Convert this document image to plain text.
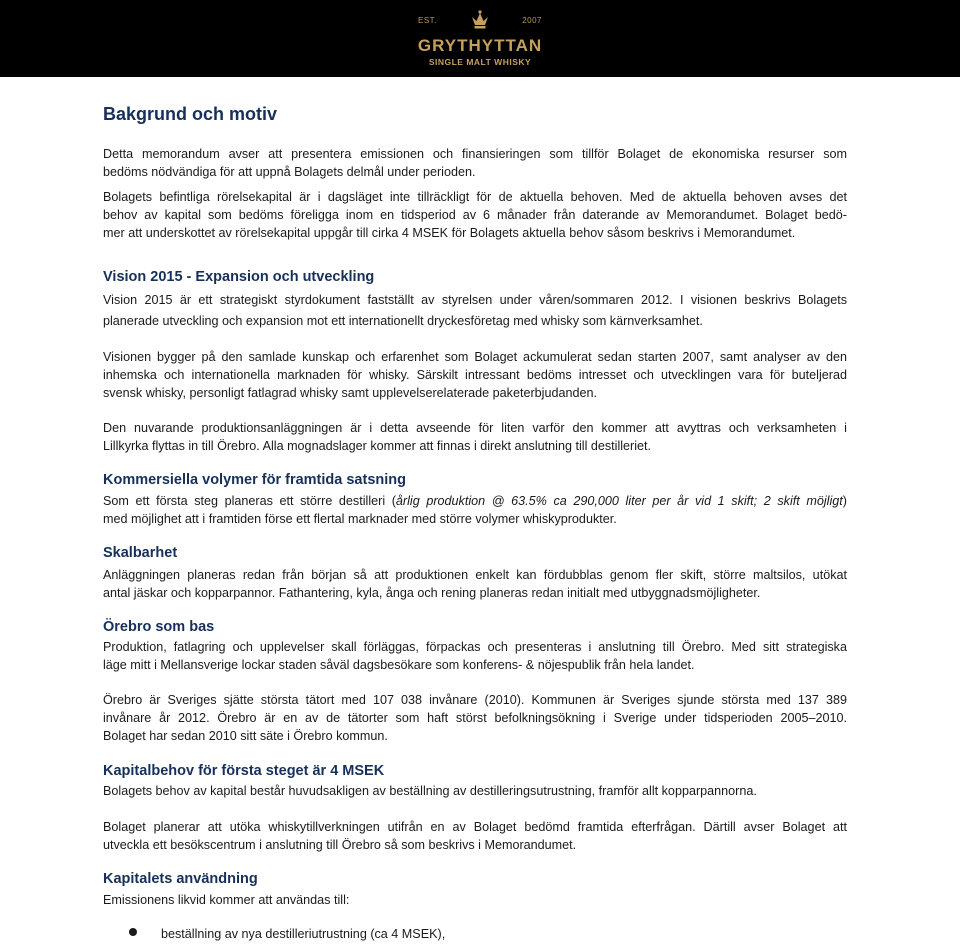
EST.	2007
GRYTHYTTAN
SINGLE MALT WHISKY
Bakgrund och motiv
Detta memorandum avser att presentera emissionen och finansieringen som tillför Bolaget de ekonomiska resurser som
bedöms nödvändiga för att uppnå Bolagets delmål under perioden.
Bolagets befintliga rörelsekapital är i dagsläget inte tillräckligt för de aktuella behoven. Med de aktuella behoven avses det
behov av kapital som bedöms föreligga inom en tidsperiod av 6 månader från daterande av Memorandumet. Bolaget bedö-
mer att underskottet av rörelsekapital uppgår till cirka 4 MSEK för Bolagets aktuella behov såsom beskrivs i Memorandumet.
Vision 2015 - Expansion och utveckling
Vision 2015 är ett strategiskt styrdokument fastställt av styrelsen under våren/sommaren 2012. I visionen beskrivs Bolagets
planerade utveckling och expansion mot ett internationellt dryckesföretag med whisky som kärnverksamhet.
Visionen bygger på den samlade kunskap och erfarenhet som Bolaget ackumulerat sedan starten 2007, samt analyser av den
inhemska och internationella marknaden för whisky. Särskilt intressant bedöms intresset och utvecklingen vara för buteljerad
svensk whisky, personligt fatlagrad whisky samt upplevelserelaterade paketerbjudanden.
Den nuvarande produktionsanläggningen är i detta avseende för liten varför den kommer att avyttras och verksamheten i
Lillkyrka flyttas in till Örebro. Alla mognadslager kommer att finnas i direkt anslutning till destilleriet.
Kommersiella volymer för framtida satsning
Som ett första steg planeras ett större destilleri (årlig produktion @ 63.5% ca 290,000 liter per år vid 1 skift; 2 skift möjligt)
med möjlighet att i framtiden förse ett flertal marknader med större volymer whiskyprodukter.
Skalbarhet
Anläggningen planeras redan från början så att produktionen enkelt kan fördubblas genom fler skift, större maltsilos, utökat
antal jäskar och kopparpannor. Fathantering, kyla, ånga och rening planeras redan initialt med utbyggnadsmöjligheter.
Örebro som bas
Produktion, fatlagring och upplevelser skall förläggas, förpackas och presenteras i anslutning till Örebro. Med sitt strategiska
läge mitt i Mellansverige lockar staden såväl dagsbesökare som konferens- & nöjespublik från hela landet.
Örebro är Sveriges sjätte största tätort med 107 038 invånare (2010). Kommunen är Sveriges sjunde största med 137 389
invånare år 2012. Örebro är en av de tätorter som haft störst befolkningsökning i Sverige under tidsperioden 2005–2010.
Bolaget har sedan 2010 sitt säte i Örebro kommun.
Kapitalbehov för första steget är 4 MSEK
Bolagets behov av kapital består huvudsakligen av beställning av destilleringsutrustning, framför allt kopparpannorna.
Bolaget planerar att utöka whiskytillverkningen utifrån en av Bolaget bedömd framtida efterfrågan. Därtill avser Bolaget att
utveckla ett besökscentrum i anslutning till Örebro så som beskrivs i Memorandumet.
Kapitalets användning
Emissionens likvid kommer att användas till:
beställning av nya destilleriutrustning (ca 4 MSEK),
